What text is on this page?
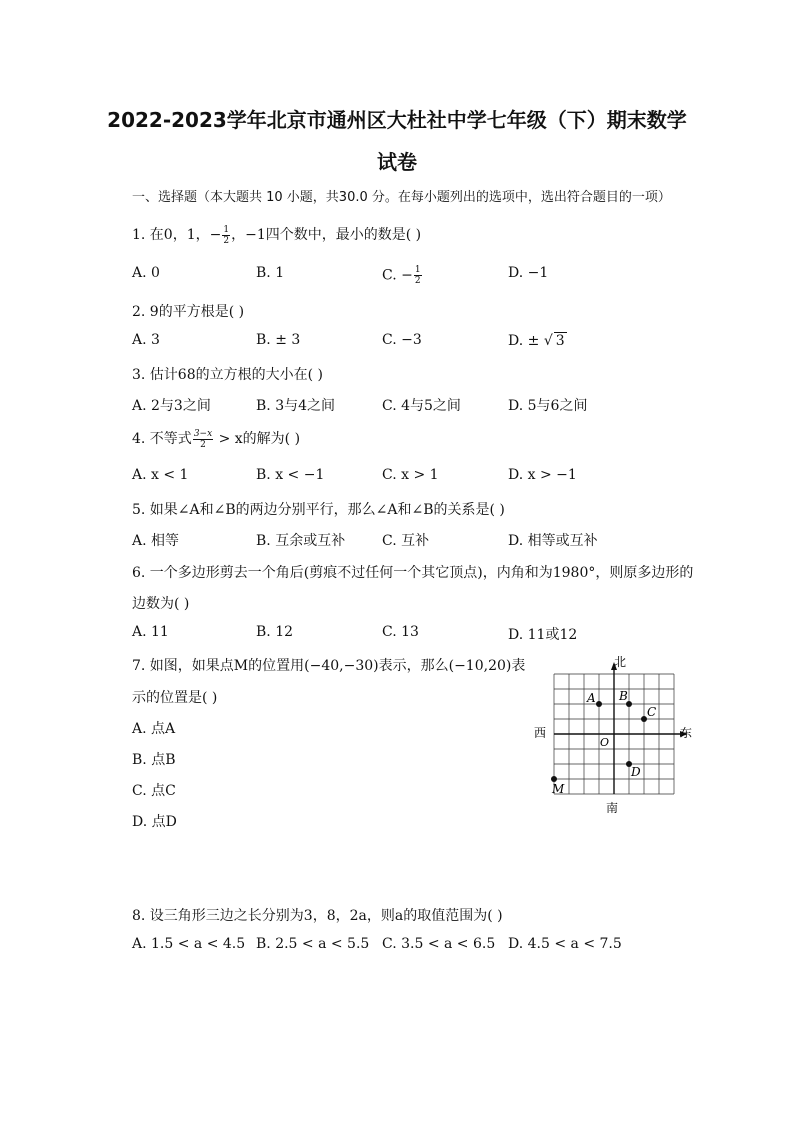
2022-2023学年北京市通州区大杜社中学七年级（下）期末数学
试卷
一、选择题（本大题共 10 小题，共30.0 分。在每小题列出的选项中，选出符合题目的一项）
1. 在0，1，− $\frac{1}{2}$ ，−1四个数中，最小的数是( )
A. 0	B. 1	C. − $\frac{1}{2}$	D. −1
2. 9的平方根是( )
A. 3	B. ± 3	C. −3	D. ± √ 3
3. 估计68的立方根的大小在( )
A. 2与3之间	B. 3与4之间	C. 4与5之间	D. 5与6之间
4. 不等式 $\frac{3-x}{2} > x$的解为( )
A. x < 1	B. x < −1	C. x > 1	D. x > −1
5. 如果∠A和∠B的两边分别平行，那么∠A和∠B的关系是( )
A. 相等	B. 互余或互补	C. 互补	D. 相等或互补
6. 一个多边形剪去一个角后(剪痕不过任何一个其它顶点)，内角和为1980°，则原多边形的
边数为( )
A. 11	B. 12	C. 13	D. 11或12
7. 如图，如果点M的位置用(−40,−30)表示，那么(−10,20)表
示的位置是( )
A. 点A
B. 点B
C. 点C
D. 点D
A B
C
D
M
北
南
西	东
O
8. 设三角形三边之长分别为3，8，2a，则a的取值范围为( )
A. 1.5 < a < 4.5 B. 2.5 < a < 5.5 C. 3.5 < a < 6.5 D. 4.5 < a < 7.5
